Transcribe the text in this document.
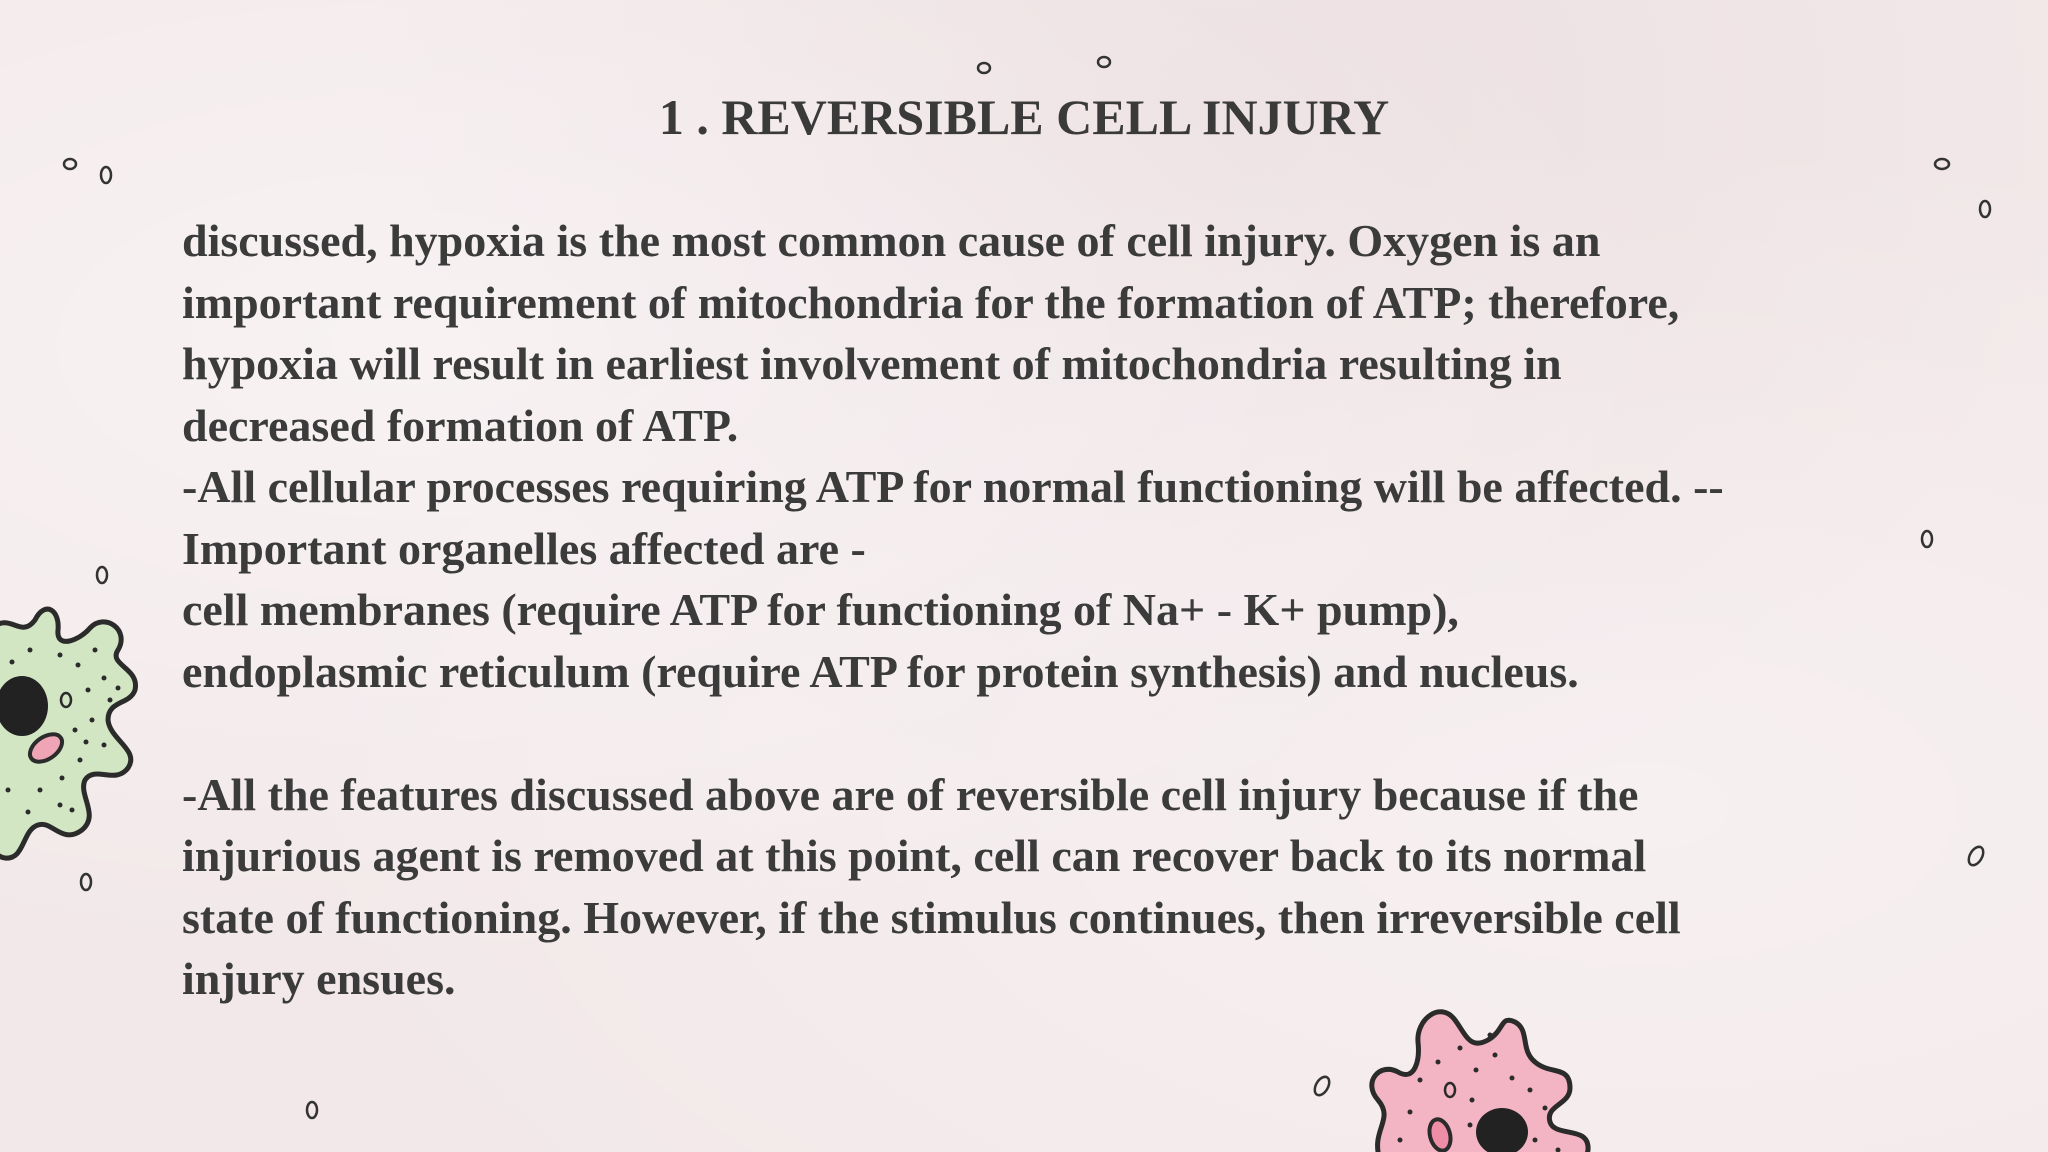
1 . REVERSIBLE CELL INJURY
discussed, hypoxia is the most common cause of cell injury. Oxygen is an
important requirement of mitochondria for the formation of ATP; therefore,
hypoxia will result in earliest involvement of mitochondria resulting in
decreased formation of ATP.
-All cellular processes requiring ATP for normal functioning will be affected. --
Important organelles affected are -
cell membranes (require ATP for functioning of Na+ - K+ pump),
endoplasmic reticulum (require ATP for protein synthesis) and nucleus.
-All the features discussed above are of reversible cell injury because if the
injurious agent is removed at this point, cell can recover back to its normal
state of functioning. However, if the stimulus continues, then irreversible cell
injury ensues.
